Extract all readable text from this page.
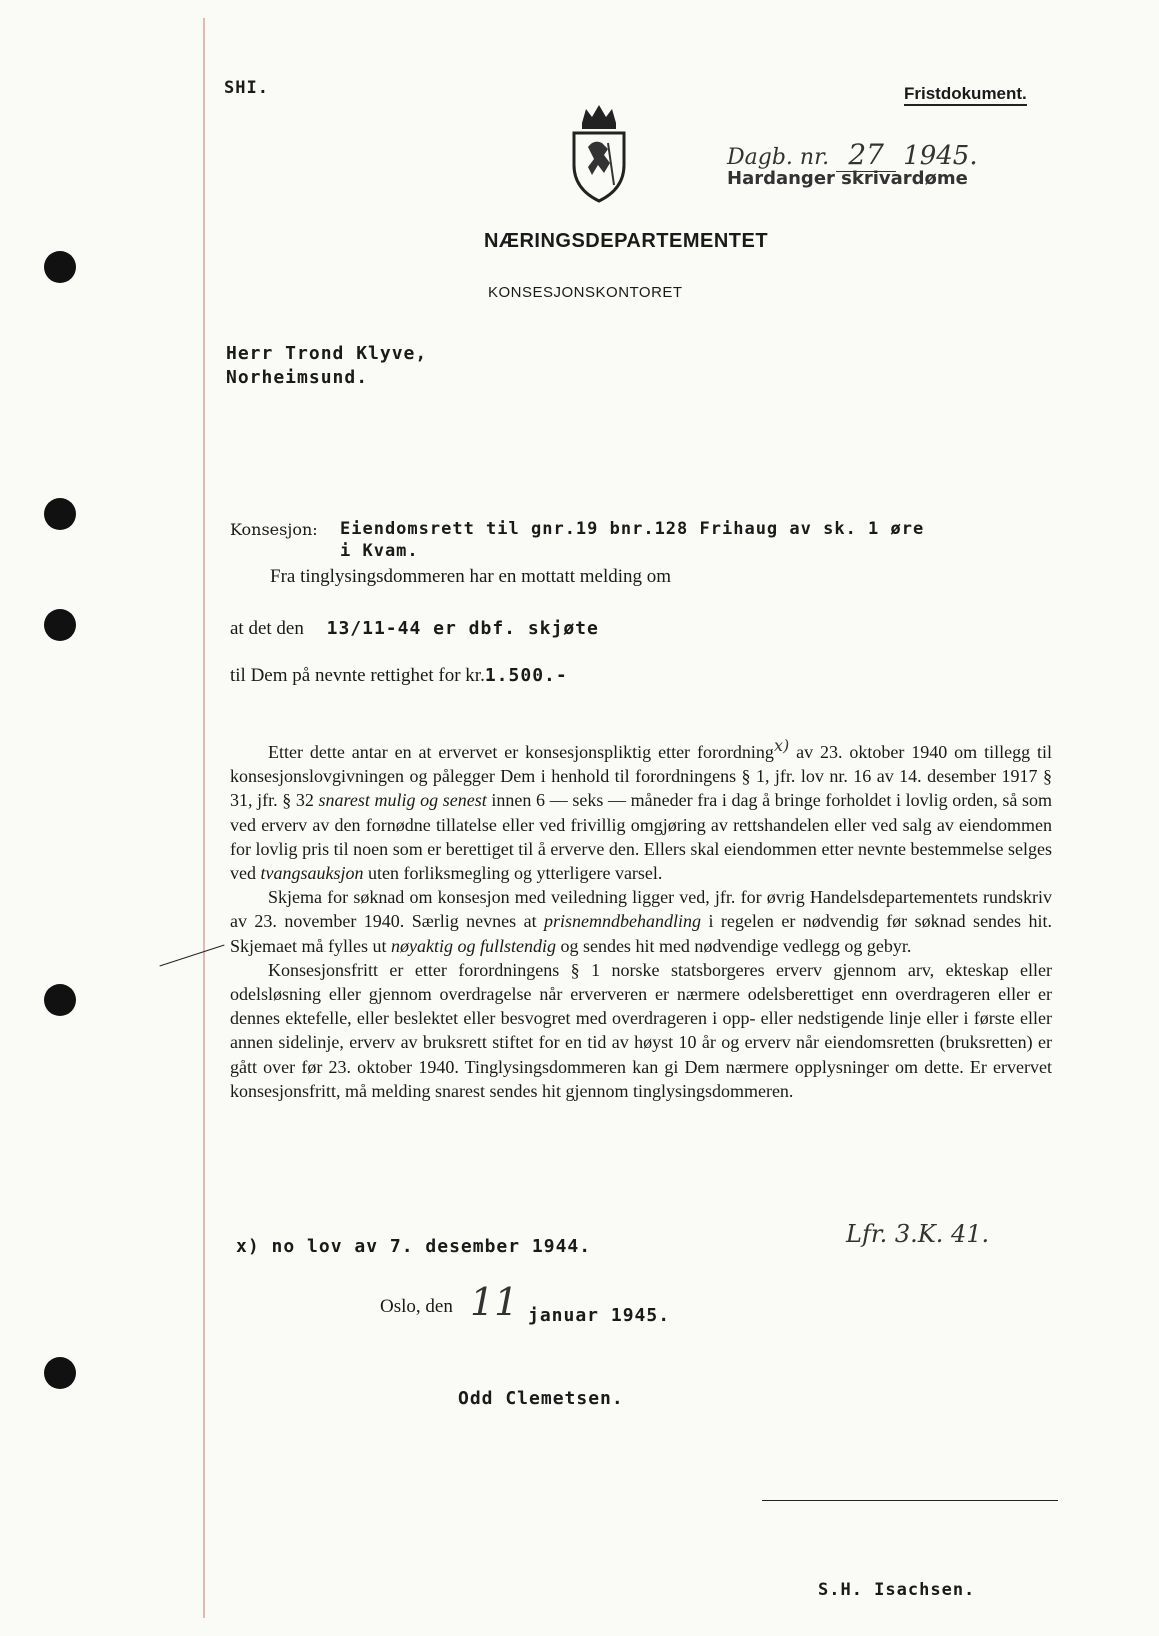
SHI.	Fristdokument.
Dagb. nr. 27 1945.
Hardanger skrivardøme
NÆRINGSDEPARTEMENTET
KONSESJONSKONTORET
Herr Trond Klyve,
Norheimsund.
Konsesjon: Eiendomsrett til gnr.19 bnr.128 Frihaug av sk. 1 øre
i Kvam.
Fra tinglysingsdommeren har en mottatt melding om
at det den 13/11-44 er dbf. skjøte
til Dem på nevnte rettighet for kr.1.500.-

Etter dette antar en at ervervet er konsesjonspliktig etter forordning$^{x)}$ av 23. oktober 1940 om tillegg til konsesjonslovgivningen og pålegger Dem i henhold til forordningens § 1, jfr. lov nr. 16 av 14. desember 1917 § 31, jfr. § 32 snarest mulig og senest innen 6 — seks — måneder fra i dag å bringe forholdet i lovlig orden, så som ved erverv av den fornødne tillatelse eller ved frivillig omgjøring av rettshandelen eller ved salg av eiendommen for lovlig pris til noen som er berettiget til å erverve den. Ellers skal eiendommen etter nevnte bestemmelse selges ved tvangsauksjon uten forliksmegling og ytterligere varsel.

Skjema for søknad om konsesjon med veiledning ligger ved, jfr. for øvrig Handelsdepartementets rundskriv av 23. november 1940. Særlig nevnes at prisnemndbehandling i regelen er nødvendig før søknad sendes hit. Skjemaet må fylles ut nøyaktig og fullstendig og sendes hit med nødvendige vedlegg og gebyr.

Konsesjonsfritt er etter forordningens § 1 norske statsborgeres erverv gjennom arv, ekteskap eller odelsløsning eller gjennom overdragelse når erververen er nærmere odelsberettiget enn overdrageren eller er dennes ektefelle, eller beslektet eller besvogret med overdrageren i opp- eller nedstigende linje eller i første eller annen sidelinje, erverv av bruksrett stiftet for en tid av høyst 10 år og erverv når eiendomsretten (bruksretten) er gått over før 23. oktober 1940. Tinglysingsdommeren kan gi Dem nærmere opplysninger om dette. Er ervervet konsesjonsfritt, må melding snarest sendes hit gjennom tinglysingsdommeren.

x) no lov av 7. desember 1944.	Lfr. 3.K. 41.
Oslo, den 11 januar 1945.
Odd Clemetsen.
S.H. Isachsen.
